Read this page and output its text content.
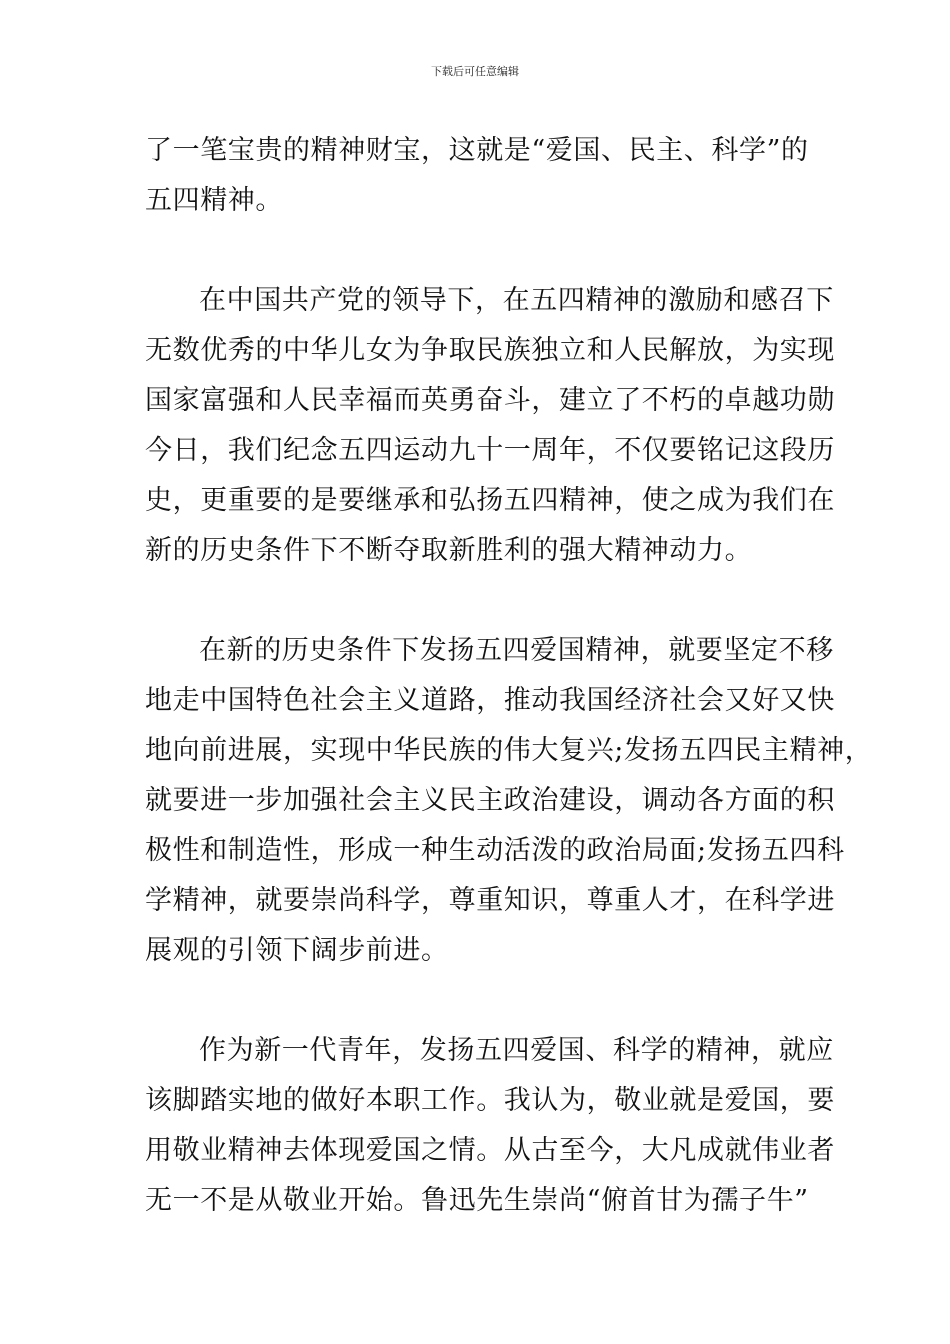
下载后可任意编辑
了一笔宝贵的精神财宝，这就是“爱国、民主、科学”的
五四精神。
在中国共产党的领导下，在五四精神的激励和感召下
无数优秀的中华儿女为争取民族独立和人民解放，为实现
国家富强和人民幸福而英勇奋斗，建立了不朽的卓越功勋
今日，我们纪念五四运动九十一周年，不仅要铭记这段历
史，更重要的是要继承和弘扬五四精神，使之成为我们在
新的历史条件下不断夺取新胜利的强大精神动力。
在新的历史条件下发扬五四爱国精神，就要坚定不移
地走中国特色社会主义道路，推动我国经济社会又好又快
地向前进展，实现中华民族的伟大复兴;发扬五四民主精神，
就要进一步加强社会主义民主政治建设，调动各方面的积
极性和制造性，形成一种生动活泼的政治局面;发扬五四科
学精神，就要崇尚科学，尊重知识，尊重人才，在科学进
展观的引领下阔步前进。
作为新一代青年，发扬五四爱国、科学的精神，就应
该脚踏实地的做好本职工作。我认为，敬业就是爱国，要
用敬业精神去体现爱国之情。从古至今，大凡成就伟业者
无一不是从敬业开始。鲁迅先生崇尚“俯首甘为孺子牛”
